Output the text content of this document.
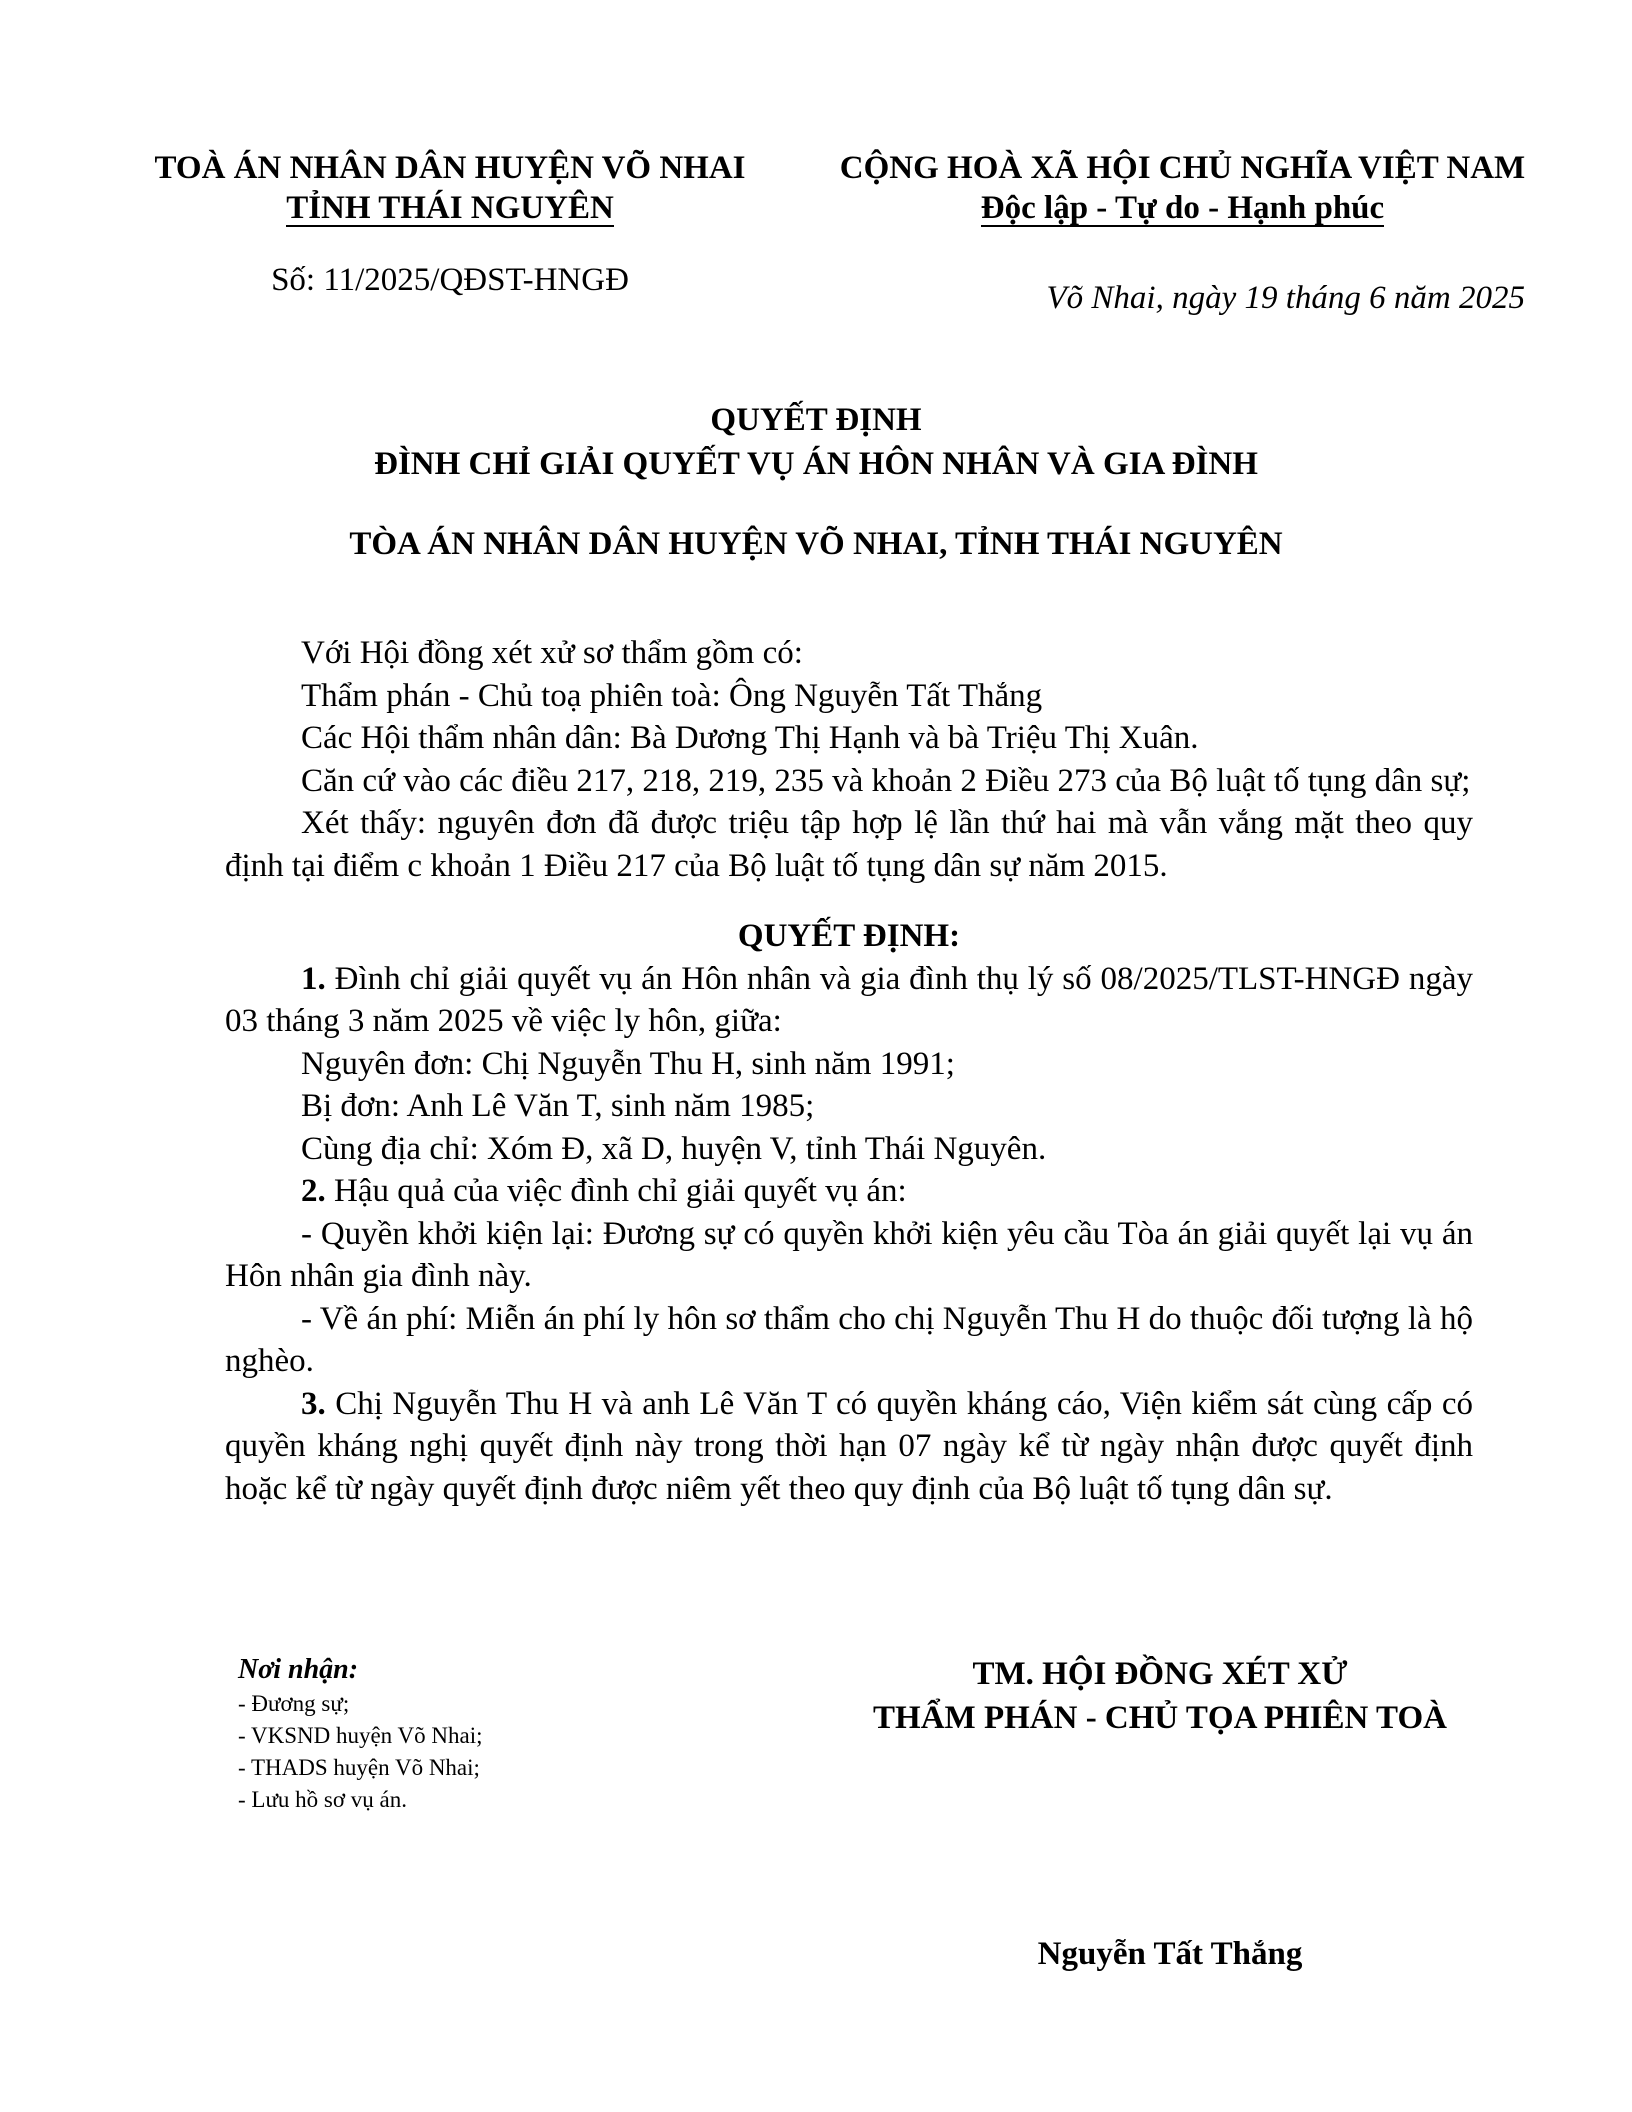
TOÀ ÁN NHÂN DÂN HUYỆN VÕ NHAI
TỈNH THÁI NGUYÊN
CỘNG HOÀ XÃ HỘI CHỦ NGHĨA VIỆT NAM
Độc lập - Tự do - Hạnh phúc
Số: 11/2025/QĐST-HNGĐ	Võ Nhai, ngày 19 tháng 6 năm 2025
QUYẾT ĐỊNH
ĐÌNH CHỈ GIẢI QUYẾT VỤ ÁN HÔN NHÂN VÀ GIA ĐÌNH
TÒA ÁN NHÂN DÂN HUYỆN VÕ NHAI, TỈNH THÁI NGUYÊN

Với Hội đồng xét xử sơ thẩm gồm có:

Thẩm phán - Chủ toạ phiên toà: Ông Nguyễn Tất Thắng

Các Hội thẩm nhân dân: Bà Dương Thị Hạnh và bà Triệu Thị Xuân.

Căn cứ vào các điều 217, 218, 219, 235 và khoản 2 Điều 273 của Bộ luật tố tụng dân sự;

Xét thấy: nguyên đơn đã được triệu tập hợp lệ lần thứ hai mà vẫn vắng mặt theo quy định tại điểm c khoản 1 Điều 217 của Bộ luật tố tụng dân sự năm 2015.

QUYẾT ĐỊNH:

1. Đình chỉ giải quyết vụ án Hôn nhân và gia đình thụ lý số 08/2025/TLST-HNGĐ ngày 03 tháng 3 năm 2025 về việc ly hôn, giữa:

Nguyên đơn: Chị Nguyễn Thu H, sinh năm 1991;

Bị đơn: Anh Lê Văn T, sinh năm 1985;

Cùng địa chỉ: Xóm Đ, xã D, huyện V, tỉnh Thái Nguyên.

2. Hậu quả của việc đình chỉ giải quyết vụ án:

- Quyền khởi kiện lại: Đương sự có quyền khởi kiện yêu cầu Tòa án giải quyết lại vụ án Hôn nhân gia đình này.

- Về án phí: Miễn án phí ly hôn sơ thẩm cho chị Nguyễn Thu H do thuộc đối tượng là hộ nghèo.

3. Chị Nguyễn Thu H và anh Lê Văn T có quyền kháng cáo, Viện kiểm sát cùng cấp có quyền kháng nghị quyết định này trong thời hạn 07 ngày kể từ ngày nhận được quyết định hoặc kể từ ngày quyết định được niêm yết theo quy định của Bộ luật tố tụng dân sự.

Nơi nhận:
- Đương sự;
- VKSND huyện Võ Nhai;
- THADS huyện Võ Nhai;
- Lưu hồ sơ vụ án.
TM. HỘI ĐỒNG XÉT XỬ
THẨM PHÁN - CHỦ TỌA PHIÊN TOÀ
Nguyễn Tất Thắng
